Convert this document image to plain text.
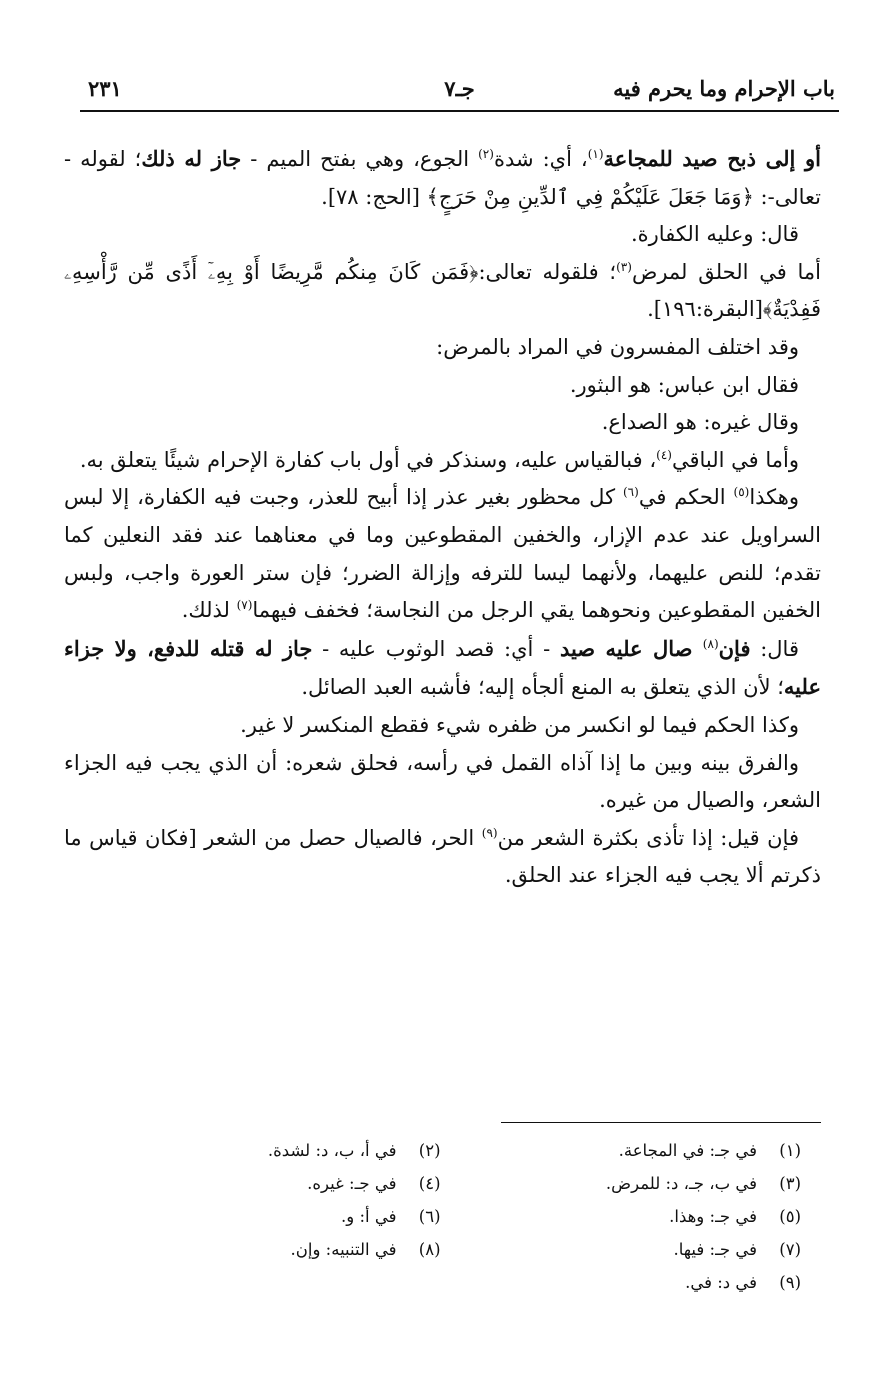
باب الإحرام وما يحرم فيه
جـ٧
٢٣١

أو إلى ذبح صيد للمجاعة$^{(١)}$، أي: شدة$^{(٢)}$ الجوع، وهي بفتح الميم - جاز له ذلك؛ لقوله - تعالى-: ﴿وَمَا جَعَلَ عَلَيْكُمْ فِي ٱلدِّينِ مِنْ حَرَجٍ﴾ [الحج: ٧٨].

قال: وعليه الكفارة.

أما في الحلق لمرض$^{(٣)}$؛ فلقوله تعالى:﴿فَمَن كَانَ مِنكُم مَّرِيضًا أَوْ بِهِۦٓ أَذًى مِّن رَّأْسِهِۦ فَفِدْيَةٌ﴾[البقرة:١٩٦].

وقد اختلف المفسرون في المراد بالمرض:

فقال ابن عباس: هو البثور.

وقال غيره: هو الصداع.

وأما في الباقي$^{(٤)}$، فبالقياس عليه، وسنذكر في أول باب كفارة الإحرام شيئًا يتعلق به.

وهكذا$^{(٥)}$ الحكم في$^{(٦)}$ كل محظور بغير عذر إذا أبيح للعذر، وجبت فيه الكفارة، إلا لبس السراويل عند عدم الإزار، والخفين المقطوعين وما في معناهما عند فقد النعلين كما تقدم؛ للنص عليهما، ولأنهما ليسا للترفه وإزالة الضرر؛ فإن ستر العورة واجب، ولبس الخفين المقطوعين ونحوهما يقي الرجل من النجاسة؛ فخفف فيهما$^{(٧)}$ لذلك.

قال: فإن$^{(٨)}$ صال عليه صيد - أي: قصد الوثوب عليه - جاز له قتله للدفع، ولا جزاء عليه؛ لأن الذي يتعلق به المنع ألجأه إليه؛ فأشبه العبد الصائل.

وكذا الحكم فيما لو انكسر من ظفره شيء فقطع المنكسر لا غير.

والفرق بينه وبين ما إذا آذاه القمل في رأسه، فحلق شعره: أن الذي يجب فيه الجزاء الشعر، والصيال من غيره.

فإن قيل: إذا تأذى بكثرة الشعر من$^{(٩)}$ الحر، فالصيال حصل من الشعر [فكان قياس ما ذكرتم ألا يجب فيه الجزاء عند الحلق.

(١)في جـ: في المجاعة.
(٢)في أ، ب، د: لشدة.
(٣)في ب، جـ، د: للمرض.
(٤)في جـ: غيره.
(٥)في جـ: وهذا.
(٦)في أ: و.
(٧)في جـ: فيها.
(٨)في التنبيه: وإن.
(٩)في د: في.
